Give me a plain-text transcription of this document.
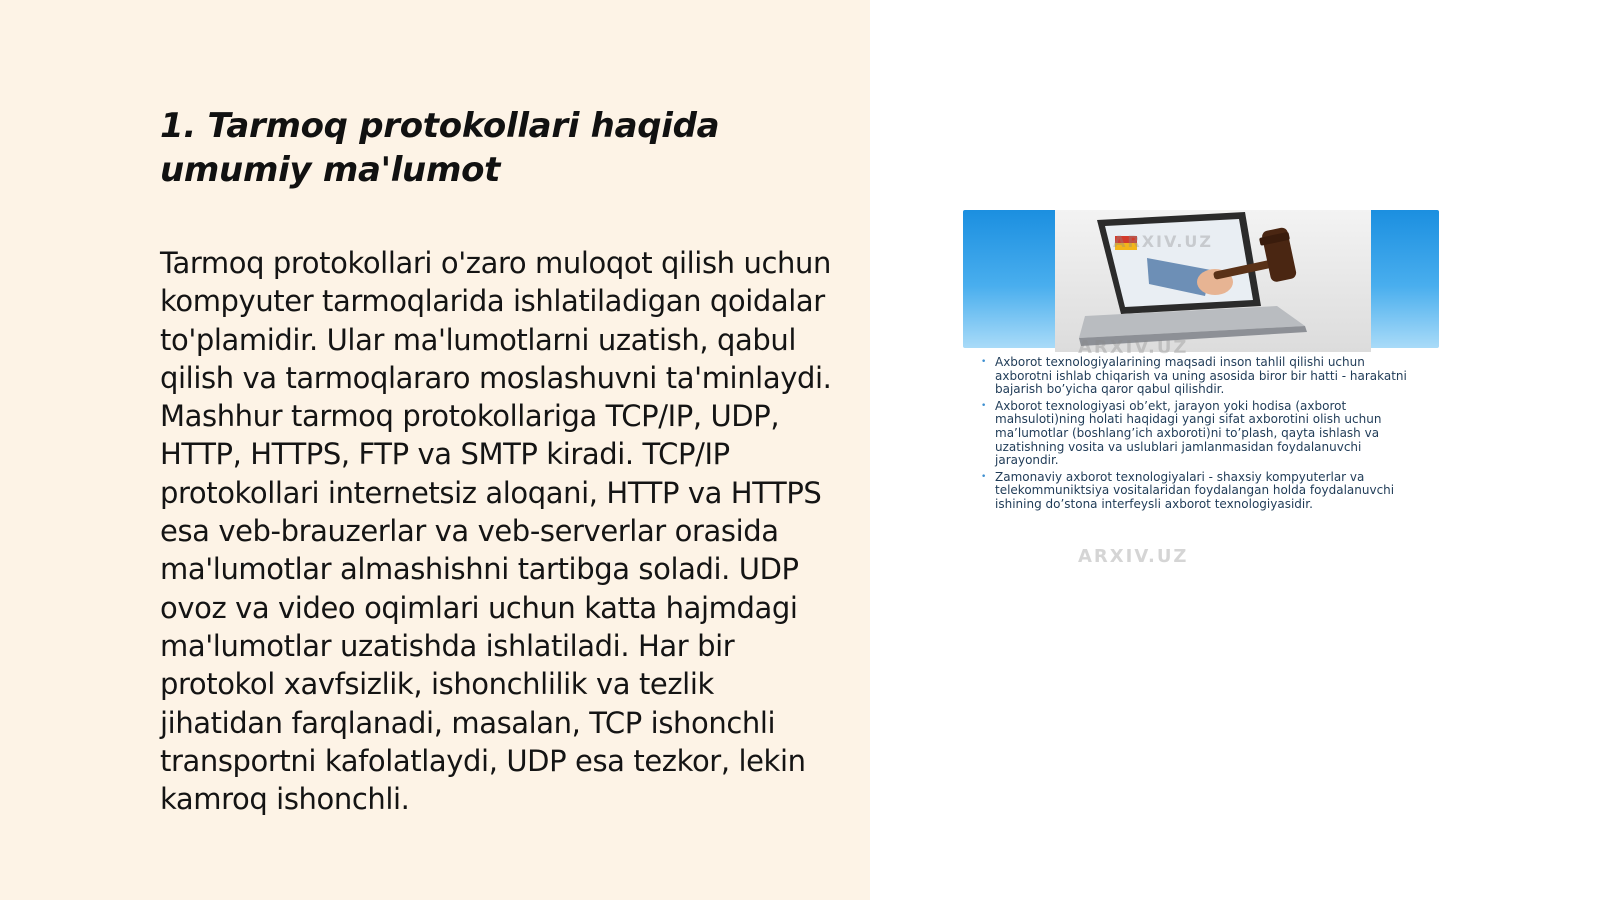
1. Tarmoq protokollari haqida umumiy ma'lumot

Tarmoq protokollari o'zaro muloqot qilish uchun kompyuter tarmoqlarida ishlatiladigan qoidalar to'plamidir. Ular ma'lumotlarni uzatish, qabul qilish va tarmoqlararo moslashuvni ta'minlaydi. Mashhur tarmoq protokollariga TCP/IP, UDP, HTTP, HTTPS, FTP va SMTP kiradi. TCP/IP protokollari internetsiz aloqani, HTTP va HTTPS esa veb-brauzerlar va veb-serverlar orasida ma'lumotlar almashishni tartibga soladi. UDP ovoz va video oqimlari uchun katta hajmdagi ma'lumotlar uzatishda ishlatiladi. Har bir protokol xavfsizlik, ishonchlilik va tezlik jihatidan farqlanadi, masalan, TCP ishonchli transportni kafolatlaydi, UDP esa tezkor, lekin kamroq ishonchli.

ARXIV.UZ
ARXIV.UZ
• Axborot texnologiyalarining maqsadi inson tahlil qilishi uchun axborotni ishlab chiqarish va uning asosida biror bir hatti - harakatni bajarish bo’yicha qaror qabul qilishdir.
• Axborot texnologiyasi ob’ekt, jarayon yoki hodisa (axborot mahsuloti)ning holati haqidagi yangi sifat axborotini olish uchun ma’lumotlar (boshlang’ich axboroti)ni to’plash, qayta ishlash va uzatishning vosita va uslublari jamlanmasidan foydalanuvchi jarayondir.
• Zamonaviy axborot texnologiyalari - shaxsiy kompyuterlar va telekommuniktsiya vositalaridan foydalangan holda foydalanuvchi ishining do’stona interfeysli axborot texnologiyasidir.
ARXIV.UZ
